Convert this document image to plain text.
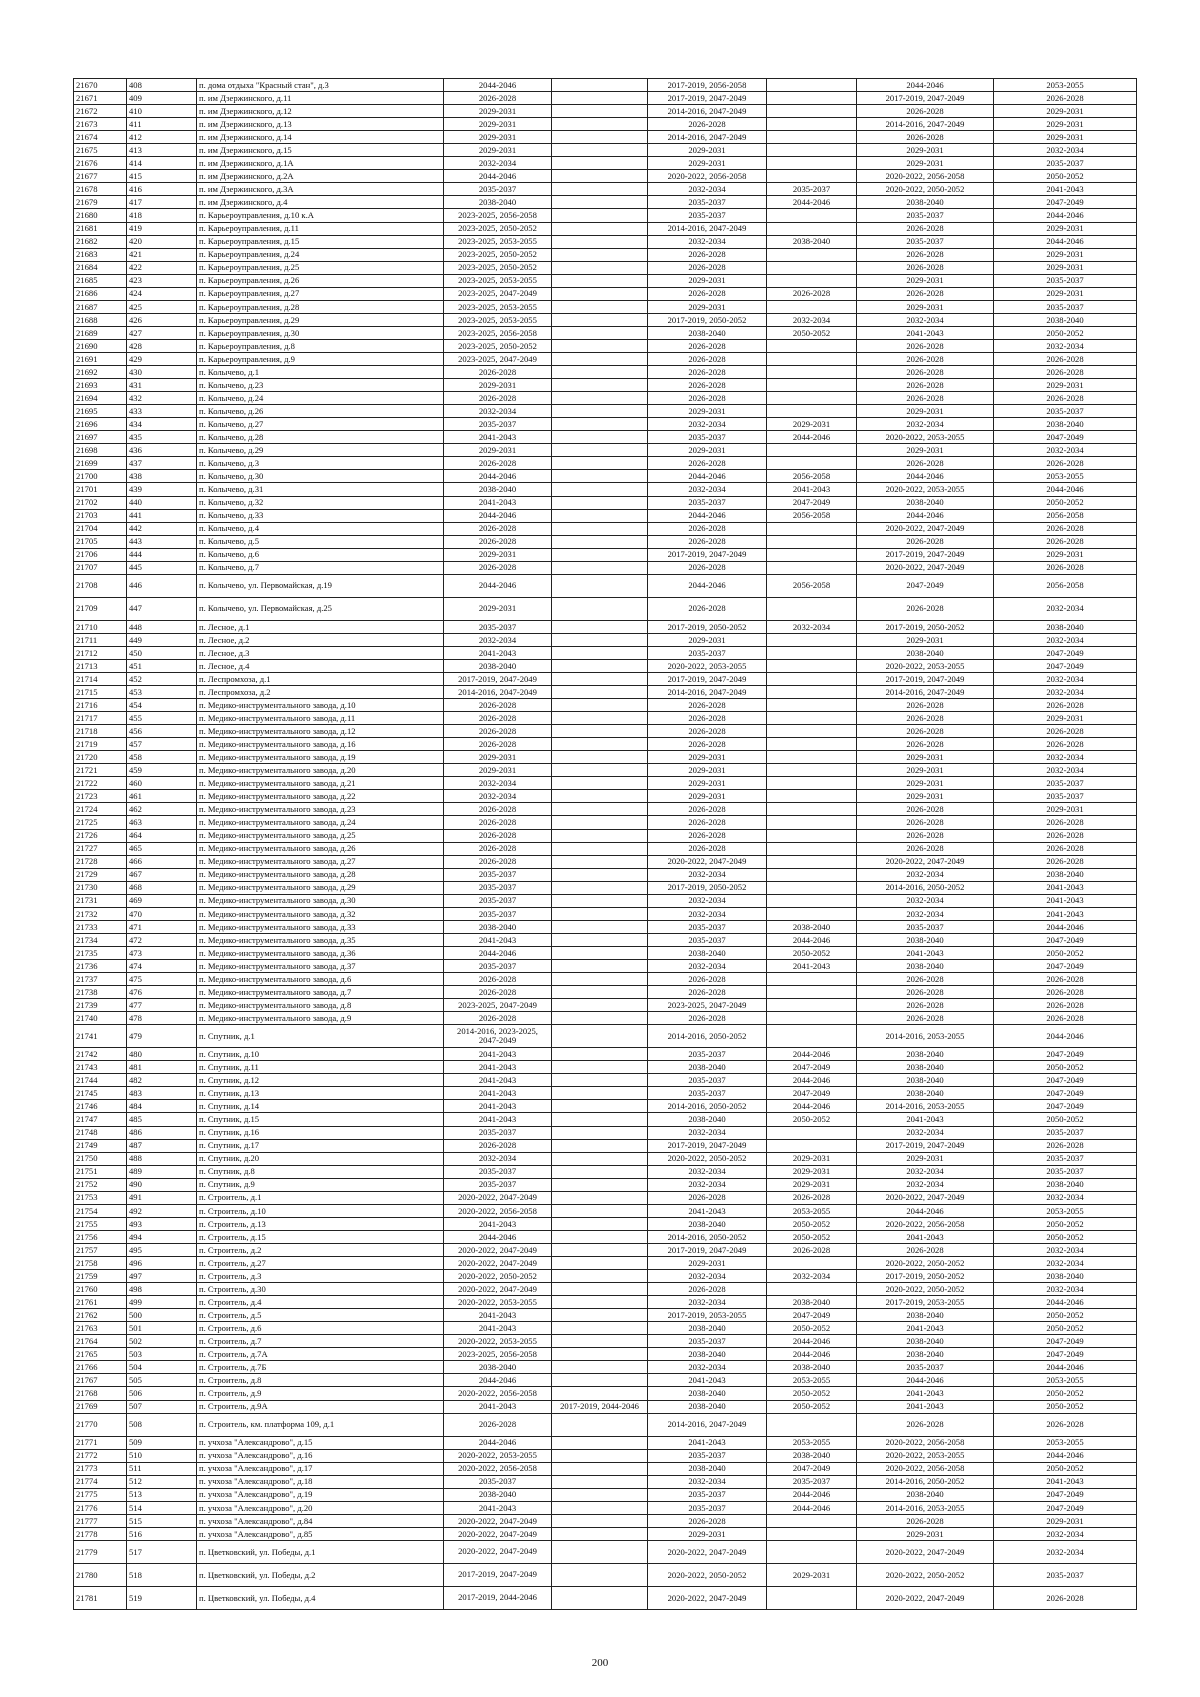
21670	408	п. дома отдыха "Красный стан", д.3	2044-2046		2017-2019, 2056-2058		2044-2046	2053-2055
21671	409	п. им Дзержинского, д.11	2026-2028		2017-2019, 2047-2049		2017-2019, 2047-2049	2026-2028
21672	410	п. им Дзержинского, д.12	2029-2031		2014-2016, 2047-2049		2026-2028	2029-2031
21673	411	п. им Дзержинского, д.13	2029-2031		2026-2028		2014-2016, 2047-2049	2029-2031
21674	412	п. им Дзержинского, д.14	2029-2031		2014-2016, 2047-2049		2026-2028	2029-2031
21675	413	п. им Дзержинского, д.15	2029-2031		2029-2031		2029-2031	2032-2034
21676	414	п. им Дзержинского, д.1А	2032-2034		2029-2031		2029-2031	2035-2037
21677	415	п. им Дзержинского, д.2А	2044-2046		2020-2022, 2056-2058		2020-2022, 2056-2058	2050-2052
21678	416	п. им Дзержинского, д.3А	2035-2037		2032-2034	2035-2037	2020-2022, 2050-2052	2041-2043
21679	417	п. им Дзержинского, д.4	2038-2040		2035-2037	2044-2046	2038-2040	2047-2049
21680	418	п. Карьероуправления, д.10 к.А	2023-2025, 2056-2058		2035-2037		2035-2037	2044-2046
21681	419	п. Карьероуправления, д.11	2023-2025, 2050-2052		2014-2016, 2047-2049		2026-2028	2029-2031
21682	420	п. Карьероуправления, д.15	2023-2025, 2053-2055		2032-2034	2038-2040	2035-2037	2044-2046
21683	421	п. Карьероуправления, д.24	2023-2025, 2050-2052		2026-2028		2026-2028	2029-2031
21684	422	п. Карьероуправления, д.25	2023-2025, 2050-2052		2026-2028		2026-2028	2029-2031
21685	423	п. Карьероуправления, д.26	2023-2025, 2053-2055		2029-2031		2029-2031	2035-2037
21686	424	п. Карьероуправления, д.27	2023-2025, 2047-2049		2026-2028	2026-2028	2026-2028	2029-2031
21687	425	п. Карьероуправления, д.28	2023-2025, 2053-2055		2029-2031		2029-2031	2035-2037
21688	426	п. Карьероуправления, д.29	2023-2025, 2053-2055		2017-2019, 2050-2052	2032-2034	2032-2034	2038-2040
21689	427	п. Карьероуправления, д.30	2023-2025, 2056-2058		2038-2040	2050-2052	2041-2043	2050-2052
21690	428	п. Карьероуправления, д.8	2023-2025, 2050-2052		2026-2028		2026-2028	2032-2034
21691	429	п. Карьероуправления, д.9	2023-2025, 2047-2049		2026-2028		2026-2028	2026-2028
21692	430	п. Колычево, д.1	2026-2028		2026-2028		2026-2028	2026-2028
21693	431	п. Колычево, д.23	2029-2031		2026-2028		2026-2028	2029-2031
21694	432	п. Колычево, д.24	2026-2028		2026-2028		2026-2028	2026-2028
21695	433	п. Колычево, д.26	2032-2034		2029-2031		2029-2031	2035-2037
21696	434	п. Колычево, д.27	2035-2037		2032-2034	2029-2031	2032-2034	2038-2040
21697	435	п. Колычево, д.28	2041-2043		2035-2037	2044-2046	2020-2022, 2053-2055	2047-2049
21698	436	п. Колычево, д.29	2029-2031		2029-2031		2029-2031	2032-2034
21699	437	п. Колычево, д.3	2026-2028		2026-2028		2026-2028	2026-2028
21700	438	п. Колычево, д.30	2044-2046		2044-2046	2056-2058	2044-2046	2053-2055
21701	439	п. Колычево, д.31	2038-2040		2032-2034	2041-2043	2020-2022, 2053-2055	2044-2046
21702	440	п. Колычево, д.32	2041-2043		2035-2037	2047-2049	2038-2040	2050-2052
21703	441	п. Колычево, д.33	2044-2046		2044-2046	2056-2058	2044-2046	2056-2058
21704	442	п. Колычево, д.4	2026-2028		2026-2028		2020-2022, 2047-2049	2026-2028
21705	443	п. Колычево, д.5	2026-2028		2026-2028		2026-2028	2026-2028
21706	444	п. Колычево, д.6	2029-2031		2017-2019, 2047-2049		2017-2019, 2047-2049	2029-2031
21707	445	п. Колычево, д.7	2026-2028		2026-2028		2020-2022, 2047-2049	2026-2028
21708	446	п. Колычево, ул. Первомайская, д.19	2044-2046		2044-2046	2056-2058	2047-2049	2056-2058
21709	447	п. Колычево, ул. Первомайская, д.25	2029-2031		2026-2028		2026-2028	2032-2034
21710	448	п. Лесное, д.1	2035-2037		2017-2019, 2050-2052	2032-2034	2017-2019, 2050-2052	2038-2040
21711	449	п. Лесное, д.2	2032-2034		2029-2031		2029-2031	2032-2034
21712	450	п. Лесное, д.3	2041-2043		2035-2037		2038-2040	2047-2049
21713	451	п. Лесное, д.4	2038-2040		2020-2022, 2053-2055		2020-2022, 2053-2055	2047-2049
21714	452	п. Леспромхоза, д.1	2017-2019, 2047-2049		2017-2019, 2047-2049		2017-2019, 2047-2049	2032-2034
21715	453	п. Леспромхоза, д.2	2014-2016, 2047-2049		2014-2016, 2047-2049		2014-2016, 2047-2049	2032-2034
21716	454	п. Медико-инструментального завода, д.10	2026-2028		2026-2028		2026-2028	2026-2028
21717	455	п. Медико-инструментального завода, д.11	2026-2028		2026-2028		2026-2028	2029-2031
21718	456	п. Медико-инструментального завода, д.12	2026-2028		2026-2028		2026-2028	2026-2028
21719	457	п. Медико-инструментального завода, д.16	2026-2028		2026-2028		2026-2028	2026-2028
21720	458	п. Медико-инструментального завода, д.19	2029-2031		2029-2031		2029-2031	2032-2034
21721	459	п. Медико-инструментального завода, д.20	2029-2031		2029-2031		2029-2031	2032-2034
21722	460	п. Медико-инструментального завода, д.21	2032-2034		2029-2031		2029-2031	2035-2037
21723	461	п. Медико-инструментального завода, д.22	2032-2034		2029-2031		2029-2031	2035-2037
21724	462	п. Медико-инструментального завода, д.23	2026-2028		2026-2028		2026-2028	2029-2031
21725	463	п. Медико-инструментального завода, д.24	2026-2028		2026-2028		2026-2028	2026-2028
21726	464	п. Медико-инструментального завода, д.25	2026-2028		2026-2028		2026-2028	2026-2028
21727	465	п. Медико-инструментального завода, д.26	2026-2028		2026-2028		2026-2028	2026-2028
21728	466	п. Медико-инструментального завода, д.27	2026-2028		2020-2022, 2047-2049		2020-2022, 2047-2049	2026-2028
21729	467	п. Медико-инструментального завода, д.28	2035-2037		2032-2034		2032-2034	2038-2040
21730	468	п. Медико-инструментального завода, д.29	2035-2037		2017-2019, 2050-2052		2014-2016, 2050-2052	2041-2043
21731	469	п. Медико-инструментального завода, д.30	2035-2037		2032-2034		2032-2034	2041-2043
21732	470	п. Медико-инструментального завода, д.32	2035-2037		2032-2034		2032-2034	2041-2043
21733	471	п. Медико-инструментального завода, д.33	2038-2040		2035-2037	2038-2040	2035-2037	2044-2046
21734	472	п. Медико-инструментального завода, д.35	2041-2043		2035-2037	2044-2046	2038-2040	2047-2049
21735	473	п. Медико-инструментального завода, д.36	2044-2046		2038-2040	2050-2052	2041-2043	2050-2052
21736	474	п. Медико-инструментального завода, д.37	2035-2037		2032-2034	2041-2043	2038-2040	2047-2049
21737	475	п. Медико-инструментального завода, д.6	2026-2028		2026-2028		2026-2028	2026-2028
21738	476	п. Медико-инструментального завода, д.7	2026-2028		2026-2028		2026-2028	2026-2028
21739	477	п. Медико-инструментального завода, д.8	2023-2025, 2047-2049		2023-2025, 2047-2049		2026-2028	2026-2028
21740	478	п. Медико-инструментального завода, д.9	2026-2028		2026-2028		2026-2028	2026-2028
21741	479	п. Спутник, д.1	2014-2016, 2023-2025, 2047-2049		2014-2016, 2050-2052		2014-2016, 2053-2055	2044-2046
21742	480	п. Спутник, д.10	2041-2043		2035-2037	2044-2046	2038-2040	2047-2049
21743	481	п. Спутник, д.11	2041-2043		2038-2040	2047-2049	2038-2040	2050-2052
21744	482	п. Спутник, д.12	2041-2043		2035-2037	2044-2046	2038-2040	2047-2049
21745	483	п. Спутник, д.13	2041-2043		2035-2037	2047-2049	2038-2040	2047-2049
21746	484	п. Спутник, д.14	2041-2043		2014-2016, 2050-2052	2044-2046	2014-2016, 2053-2055	2047-2049
21747	485	п. Спутник, д.15	2041-2043		2038-2040	2050-2052	2041-2043	2050-2052
21748	486	п. Спутник, д.16	2035-2037		2032-2034		2032-2034	2035-2037
21749	487	п. Спутник, д.17	2026-2028		2017-2019, 2047-2049		2017-2019, 2047-2049	2026-2028
21750	488	п. Спутник, д.20	2032-2034		2020-2022, 2050-2052	2029-2031	2029-2031	2035-2037
21751	489	п. Спутник, д.8	2035-2037		2032-2034	2029-2031	2032-2034	2035-2037
21752	490	п. Спутник, д.9	2035-2037		2032-2034	2029-2031	2032-2034	2038-2040
21753	491	п. Строитель, д.1	2020-2022, 2047-2049		2026-2028	2026-2028	2020-2022, 2047-2049	2032-2034
21754	492	п. Строитель, д.10	2020-2022, 2056-2058		2041-2043	2053-2055	2044-2046	2053-2055
21755	493	п. Строитель, д.13	2041-2043		2038-2040	2050-2052	2020-2022, 2056-2058	2050-2052
21756	494	п. Строитель, д.15	2044-2046		2014-2016, 2050-2052	2050-2052	2041-2043	2050-2052
21757	495	п. Строитель, д.2	2020-2022, 2047-2049		2017-2019, 2047-2049	2026-2028	2026-2028	2032-2034
21758	496	п. Строитель, д.27	2020-2022, 2047-2049		2029-2031		2020-2022, 2050-2052	2032-2034
21759	497	п. Строитель, д.3	2020-2022, 2050-2052		2032-2034	2032-2034	2017-2019, 2050-2052	2038-2040
21760	498	п. Строитель, д.30	2020-2022, 2047-2049		2026-2028		2020-2022, 2050-2052	2032-2034
21761	499	п. Строитель, д.4	2020-2022, 2053-2055		2032-2034	2038-2040	2017-2019, 2053-2055	2044-2046
21762	500	п. Строитель, д.5	2041-2043		2017-2019, 2053-2055	2047-2049	2038-2040	2050-2052
21763	501	п. Строитель, д.6	2041-2043		2038-2040	2050-2052	2041-2043	2050-2052
21764	502	п. Строитель, д.7	2020-2022, 2053-2055		2035-2037	2044-2046	2038-2040	2047-2049
21765	503	п. Строитель, д.7А	2023-2025, 2056-2058		2038-2040	2044-2046	2038-2040	2047-2049
21766	504	п. Строитель, д.7Б	2038-2040		2032-2034	2038-2040	2035-2037	2044-2046
21767	505	п. Строитель, д.8	2044-2046		2041-2043	2053-2055	2044-2046	2053-2055
21768	506	п. Строитель, д.9	2020-2022, 2056-2058		2038-2040	2050-2052	2041-2043	2050-2052
21769	507	п. Строитель, д.9А	2041-2043	2017-2019, 2044-2046	2038-2040	2050-2052	2041-2043	2050-2052
21770	508	п. Строитель, км. платформа 109, д.1	2026-2028		2014-2016, 2047-2049		2026-2028	2026-2028
21771	509	п. учхоза "Александрово", д.15	2044-2046		2041-2043	2053-2055	2020-2022, 2056-2058	2053-2055
21772	510	п. учхоза "Александрово", д.16	2020-2022, 2053-2055		2035-2037	2038-2040	2020-2022, 2053-2055	2044-2046
21773	511	п. учхоза "Александрово", д.17	2020-2022, 2056-2058		2038-2040	2047-2049	2020-2022, 2056-2058	2050-2052
21774	512	п. учхоза "Александрово", д.18	2035-2037		2032-2034	2035-2037	2014-2016, 2050-2052	2041-2043
21775	513	п. учхоза "Александрово", д.19	2038-2040		2035-2037	2044-2046	2038-2040	2047-2049
21776	514	п. учхоза "Александрово", д.20	2041-2043		2035-2037	2044-2046	2014-2016, 2053-2055	2047-2049
21777	515	п. учхоза "Александрово", д.84	2020-2022, 2047-2049		2026-2028		2026-2028	2029-2031
21778	516	п. учхоза "Александрово", д.85	2020-2022, 2047-2049		2029-2031		2029-2031	2032-2034
21779	517	п. Цветковский, ул. Победы, д.1	2020-2022, 2047-2049		2020-2022, 2047-2049		2020-2022, 2047-2049	2032-2034
21780	518	п. Цветковский, ул. Победы, д.2	2017-2019, 2047-2049		2020-2022, 2050-2052	2029-2031	2020-2022, 2050-2052	2035-2037
21781	519	п. Цветковский, ул. Победы, д.4	2017-2019, 2044-2046		2020-2022, 2047-2049		2020-2022, 2047-2049	2026-2028
200
